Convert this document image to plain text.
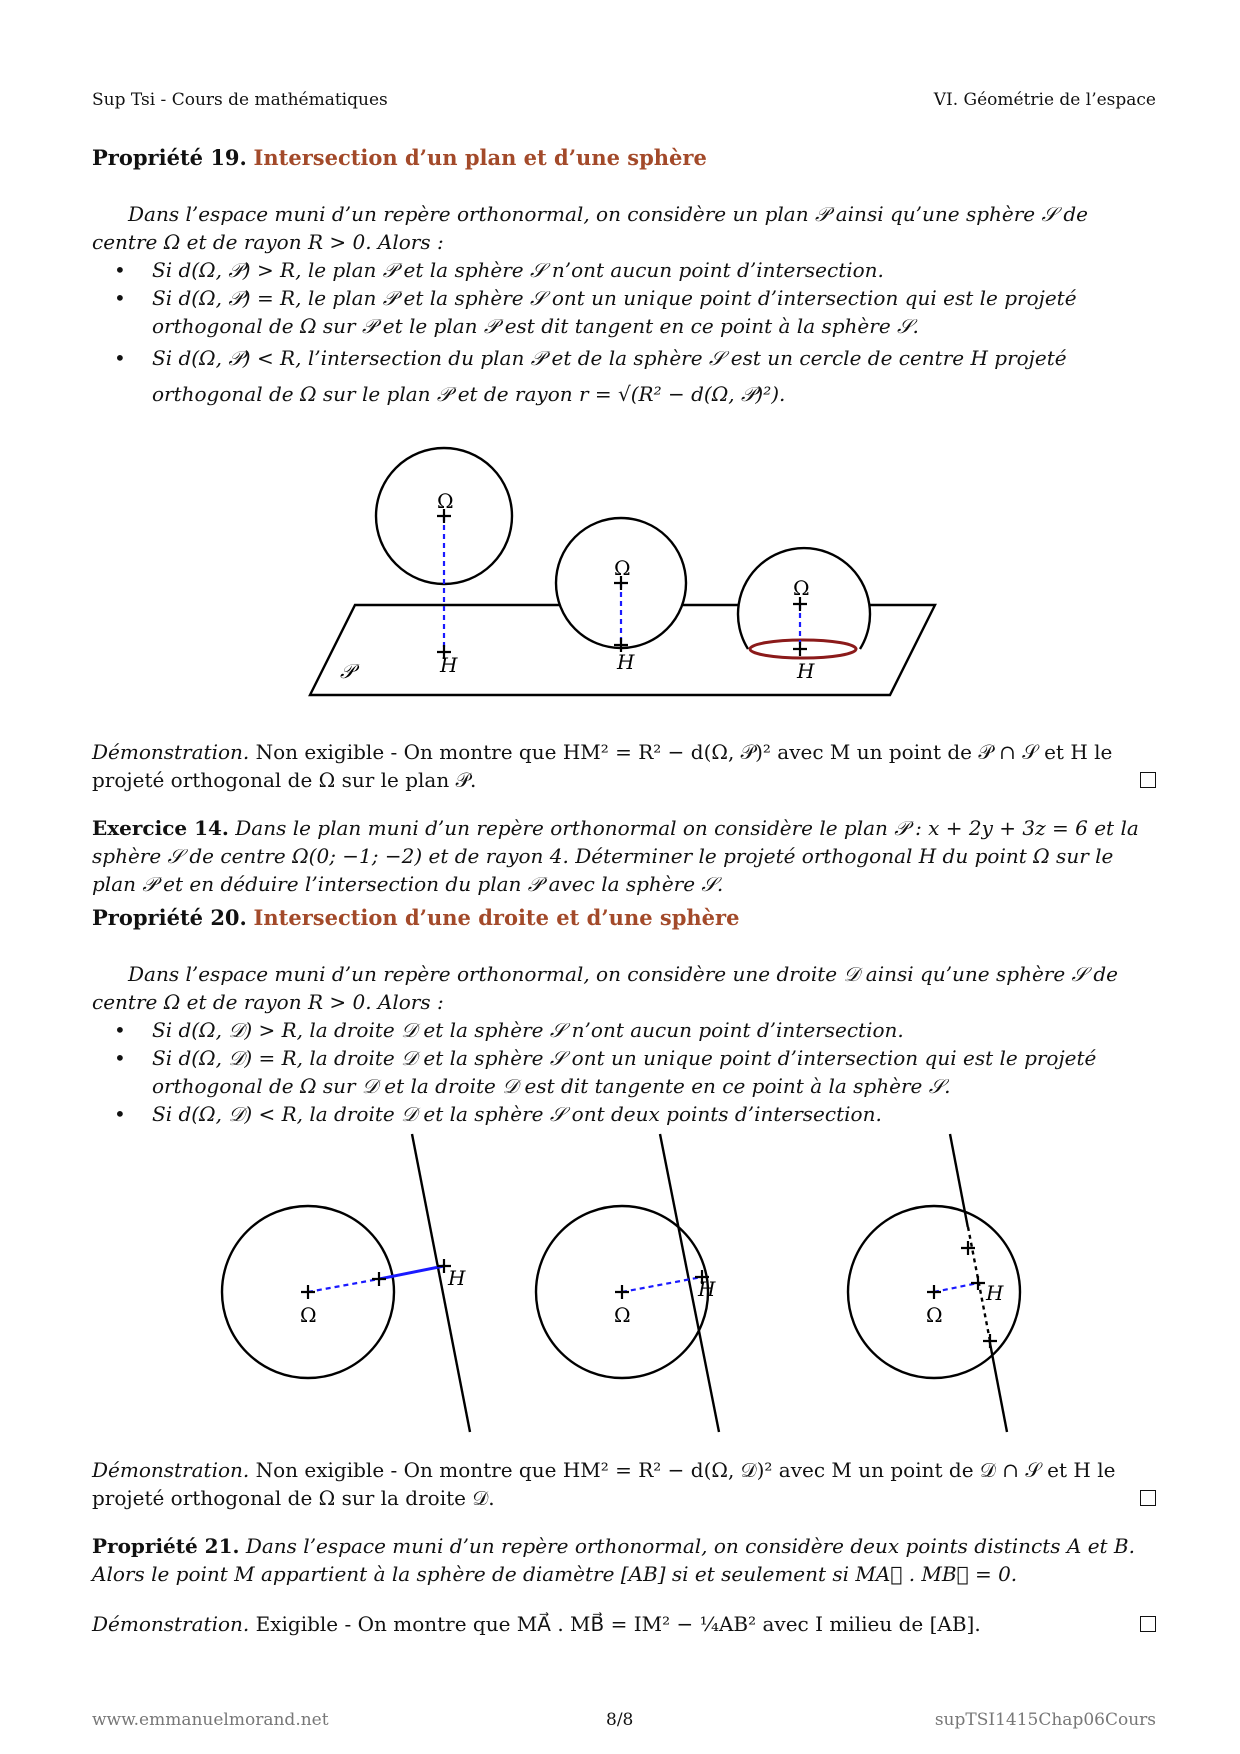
Sup Tsi - Cours de mathématiques	VI. Géométrie de l’espace
Propriété 19. Intersection d’un plan et d’une sphère
Dans l’espace muni d’un repère orthonormal, on considère un plan 𝒫 ainsi qu’une sphère 𝒮 de centre Ω et de rayon R > 0. Alors :
• Si d(Ω, 𝒫) > R, le plan 𝒫 et la sphère 𝒮 n’ont aucun point d’intersection.
• Si d(Ω, 𝒫) = R, le plan 𝒫 et la sphère 𝒮 ont un unique point d’intersection qui est le projeté orthogonal de Ω sur 𝒫 et le plan 𝒫 est dit tangent en ce point à la sphère 𝒮.
• Si d(Ω, 𝒫) < R, l’intersection du plan 𝒫 et de la sphère 𝒮 est un cercle de centre H projeté orthogonal de Ω sur le plan 𝒫 et de rayon r = √(R² − d(Ω, 𝒫)²).
Ω
H
Ω
H
Ω
H
𝒫
Démonstration. Non exigible - On montre que HM² = R² − d(Ω, 𝒫)² avec M un point de 𝒫 ∩ 𝒮 et H le projeté orthogonal de Ω sur le plan 𝒫.
Exercice 14. Dans le plan muni d’un repère orthonormal on considère le plan 𝒫 : x + 2y + 3z = 6 et la sphère 𝒮 de centre Ω(0; −1; −2) et de rayon 4. Déterminer le projeté orthogonal H du point Ω sur le plan 𝒫 et en déduire l’intersection du plan 𝒫 avec la sphère 𝒮.
Propriété 20. Intersection d’une droite et d’une sphère
Dans l’espace muni d’un repère orthonormal, on considère une droite 𝒟 ainsi qu’une sphère 𝒮 de centre Ω et de rayon R > 0. Alors :
• Si d(Ω, 𝒟) > R, la droite 𝒟 et la sphère 𝒮 n’ont aucun point d’intersection.
• Si d(Ω, 𝒟) = R, la droite 𝒟 et la sphère 𝒮 ont un unique point d’intersection qui est le projeté orthogonal de Ω sur 𝒟 et la droite 𝒟 est dit tangente en ce point à la sphère 𝒮.
• Si d(Ω, 𝒟) < R, la droite 𝒟 et la sphère 𝒮 ont deux points d’intersection.
Ω
H
Ω
H
Ω
H
Démonstration. Non exigible - On montre que HM² = R² − d(Ω, 𝒟)² avec M un point de 𝒟 ∩ 𝒮 et H le projeté orthogonal de Ω sur la droite 𝒟.
Propriété 21. Dans l’espace muni d’un repère orthonormal, on considère deux points distincts A et B. Alors le point M appartient à la sphère de diamètre [AB] si et seulement si MA⃗ . MB⃗ = 0.
Démonstration. Exigible - On montre que MA⃗ . MB⃗ = IM² − ¼AB² avec I milieu de [AB].
www.emmanuelmorand.net	8/8	supTSI1415Chap06Cours
